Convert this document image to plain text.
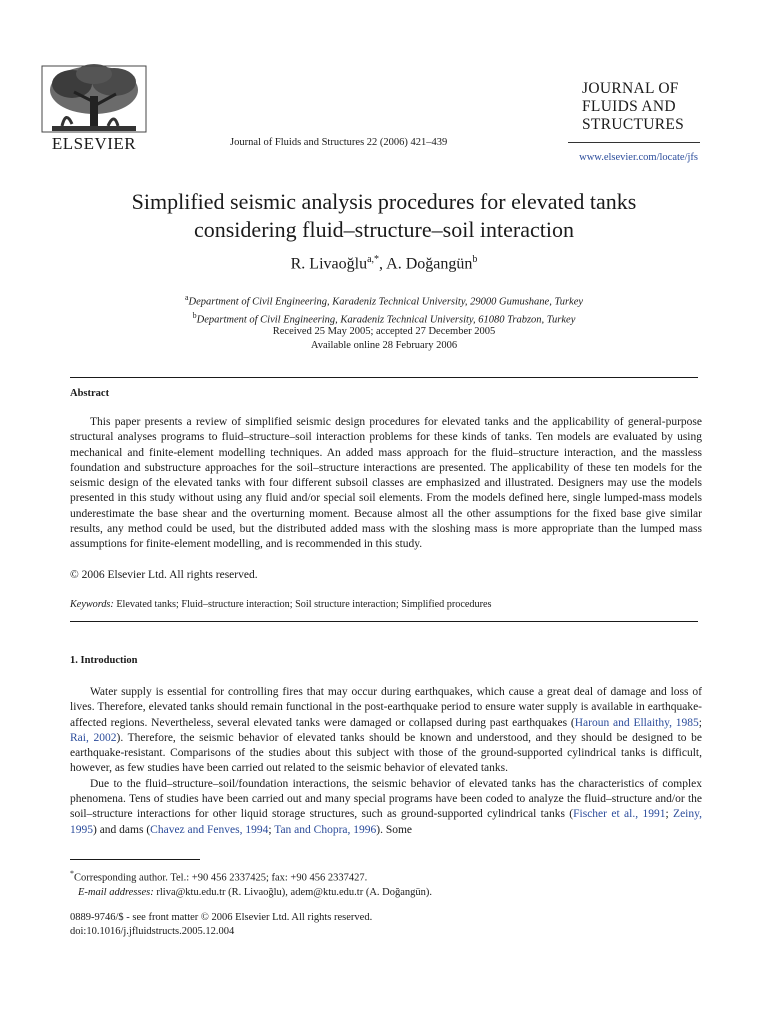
ELSEVIER	Journal of Fluids and Structures 22 (2006) 421–439
JOURNAL OF
FLUIDS AND
STRUCTURES
www.elsevier.com/locate/jfs
Simplified seismic analysis procedures for elevated tanks
considering fluid–structure–soil interaction
R. Livaoğlu$^{a,*}$, A. Doğangün$^b$
$^a$Department of Civil Engineering, Karadeniz Technical University, 29000 Gumushane, Turkey
$^b$Department of Civil Engineering, Karadeniz Technical University, 61080 Trabzon, Turkey
Received 25 May 2005; accepted 27 December 2005
Available online 28 February 2006
Abstract

This paper presents a review of simplified seismic design procedures for elevated tanks and the applicability of general-purpose structural analyses programs to fluid–structure–soil interaction problems for these kinds of tanks. Ten models are evaluated by using mechanical and finite-element modelling techniques. An added mass approach for the fluid–structure interaction, and the massless foundation and substructure approaches for the soil–structure interactions are presented. The applicability of these ten models for the seismic design of the elevated tanks with four different subsoil classes are emphasized and illustrated. Designers may use the models presented in this study without using any fluid and/or special soil elements. From the models defined here, single lumped-mass models underestimate the base shear and the overturning moment. Because almost all the other assumptions for the fixed base give similar results, any method could be used, but the distributed added mass with the sloshing mass is more appropriate than the lumped mass assumptions for finite-element modelling, and is recommended in this study.

© 2006 Elsevier Ltd. All rights reserved.
Keywords: Elevated tanks; Fluid–structure interaction; Soil structure interaction; Simplified procedures
1. Introduction

Water supply is essential for controlling fires that may occur during earthquakes, which cause a great deal of damage and loss of lives. Therefore, elevated tanks should remain functional in the post-earthquake period to ensure water supply is available in earthquake-affected regions. Nevertheless, several elevated tanks were damaged or collapsed during past earthquakes (Haroun and Ellaithy, 1985; Rai, 2002). Therefore, the seismic behavior of elevated tanks should be known and understood, and they should be designed to be earthquake-resistant. Comparisons of the studies about this subject with those of the ground-supported cylindrical tanks is difficult, however, as few studies have been carried out related to the seismic behavior of elevated tanks.

Due to the fluid–structure–soil/foundation interactions, the seismic behavior of elevated tanks has the characteristics of complex phenomena. Tens of studies have been carried out and many special programs have been coded to analyze the fluid–structure and/or the soil–structure interactions for other liquid storage structures, such as ground-supported cylindrical tanks (Fischer et al., 1991; Zeiny, 1995) and dams (Chavez and Fenves, 1994; Tan and Chopra, 1996). Some

*Corresponding author. Tel.: +90 456 2337425; fax: +90 456 2337427.
E-mail addresses: rliva@ktu.edu.tr (R. Livaoğlu), adem@ktu.edu.tr (A. Doğangün).
0889-9746/$ - see front matter © 2006 Elsevier Ltd. All rights reserved.
doi:10.1016/j.jfluidstructs.2005.12.004
